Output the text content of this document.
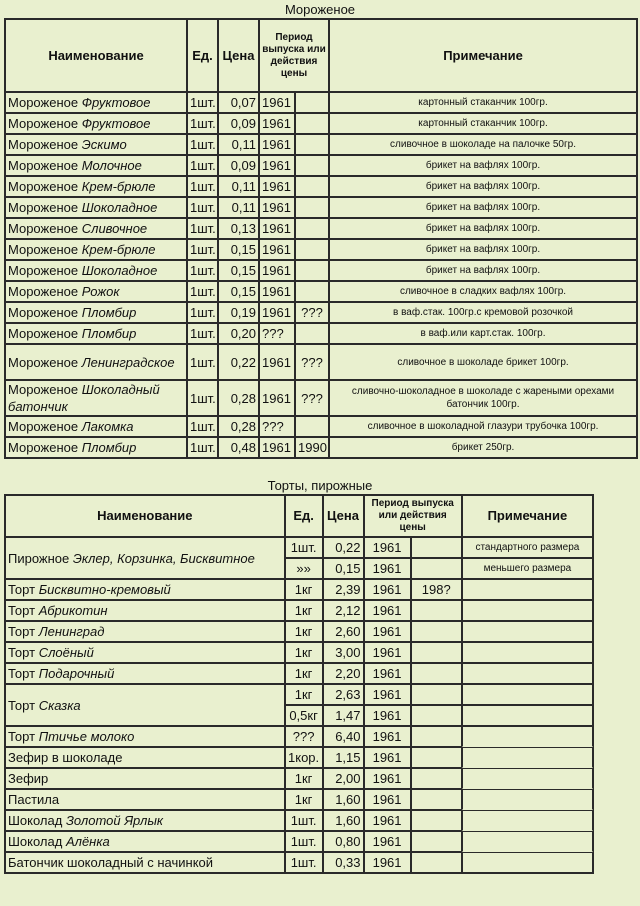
Мороженое
Наименование	Ед.	Цена	Период выпуска или действия цены		Примечание
Мороженое Фруктовое	1шт.	0,07	1961		картонный стаканчик 100гр.
Мороженое Фруктовое	1шт.	0,09	1961		картонный стаканчик 100гр.
Мороженое Эскимо	1шт.	0,11	1961		сливочное в шоколаде на палочке 50гр.
Мороженое Молочное	1шт.	0,09	1961		брикет на вафлях 100гр.
Мороженое Крем-брюле	1шт.	0,11	1961		брикет на вафлях 100гр.
Мороженое Шоколадное	1шт.	0,11	1961		брикет на вафлях 100гр.
Мороженое Сливочное	1шт.	0,13	1961		брикет на вафлях 100гр.
Мороженое Крем-брюле	1шт.	0,15	1961		брикет на вафлях 100гр.
Мороженое Шоколадное	1шт.	0,15	1961		брикет на вафлях 100гр.
Мороженое Рожок	1шт.	0,15	1961		сливочное в сладких вафлях 100гр.
Мороженое Пломбир	1шт.	0,19	1961	???	в ваф.стак. 100гр.с кремовой розочкой
Мороженое Пломбир	1шт.	0,20	???		в ваф.или карт.стак. 100гр.
Мороженое Ленинградское	1шт.	0,22	1961	???	сливочное в шоколаде брикет 100гр.
Мороженое Шоколадный батончик	1шт.	0,28	1961	???	сливочно-шоколадное в шоколаде с жареными орехами батончик 100гр.
Мороженое Лакомка	1шт.	0,28	???		сливочное в шоколадной глазури трубочка 100гр.
Мороженое Пломбир	1шт.	0,48	1961	1990	брикет 250гр.
Торты, пирожные
Наименование	Ед.	Цена	Период выпуска или действия цены		Примечание
Пирожное Эклер, Корзинка, Бисквитное	1шт.	0,22	1961		стандартного размера
	»»	0,15	1961		меньшего размера
Торт Бисквитно-кремовый	1кг	2,39	1961	198?	
Торт Абрикотин	1кг	2,12	1961		
Торт Ленинград	1кг	2,60	1961		
Торт Слоёный	1кг	3,00	1961		
Торт Подарочный	1кг	2,20	1961		
Торт Сказка	1кг	2,63	1961		
	0,5кг	1,47	1961		
Торт Птичье молоко	???	6,40	1961		
Зефир в шоколаде	1кор.	1,15	1961		
Зефир	1кг	2,00	1961		
Пастила	1кг	1,60	1961		
Шоколад Золотой Ярлык	1шт.	1,60	1961		
Шоколад Алёнка	1шт.	0,80	1961		
Батончик шоколадный с начинкой	1шт.	0,33	1961		
